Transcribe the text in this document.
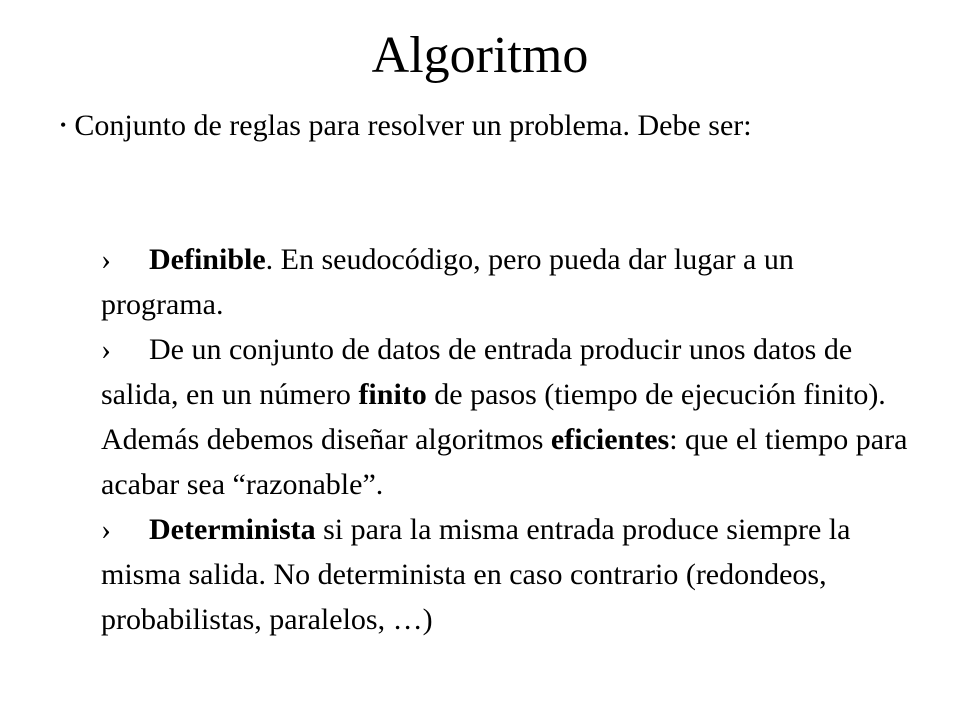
Algoritmo
• Conjunto de reglas para resolver un problema. Debe ser:
› Definible. En seudocódigo, pero pueda dar lugar a un programa.
› De un conjunto de datos de entrada producir unos datos de salida, en un número finito de pasos (tiempo de ejecución finito). Además debemos diseñar algoritmos eficientes: que el tiempo para acabar sea “razonable”.
› Determinista si para la misma entrada produce siempre la misma salida. No determinista en caso contrario (redondeos, probabilistas, paralelos, …)
